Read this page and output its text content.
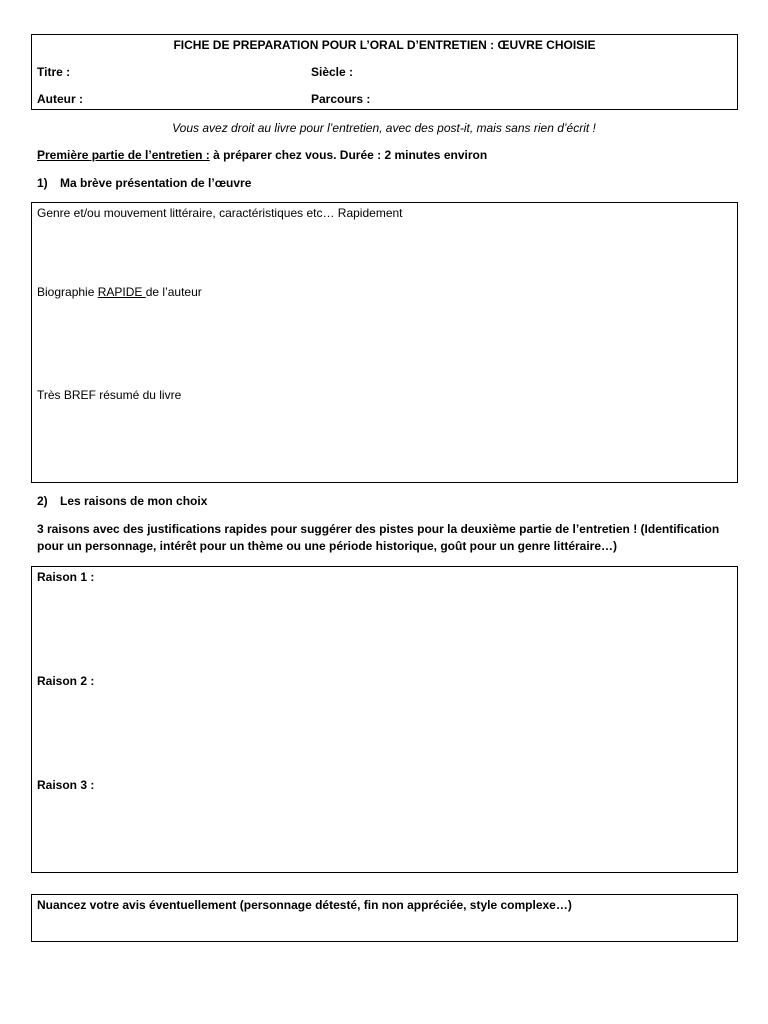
FICHE DE PREPARATION POUR L’ORAL D’ENTRETIEN : ŒUVRE CHOISIE
Titre :	Siècle :
Auteur :	Parcours :
Vous avez droit au livre pour l’entretien, avec des post-it, mais sans rien d’écrit !
Première partie de l’entretien : à préparer chez vous. Durée : 2 minutes environ
1) Ma brève présentation de l’œuvre
Genre et/ou mouvement littéraire, caractéristiques etc… Rapidement
Biographie RAPIDE de l’auteur
Très BREF résumé du livre
2) Les raisons de mon choix
3 raisons avec des justifications rapides pour suggérer des pistes pour la deuxième partie de l’entretien ! (Identification
pour un personnage, intérêt pour un thème ou une période historique, goût pour un genre littéraire…)
Raison 1 :
Raison 2 :
Raison 3 :
Nuancez votre avis éventuellement (personnage détesté, fin non appréciée, style complexe…)
